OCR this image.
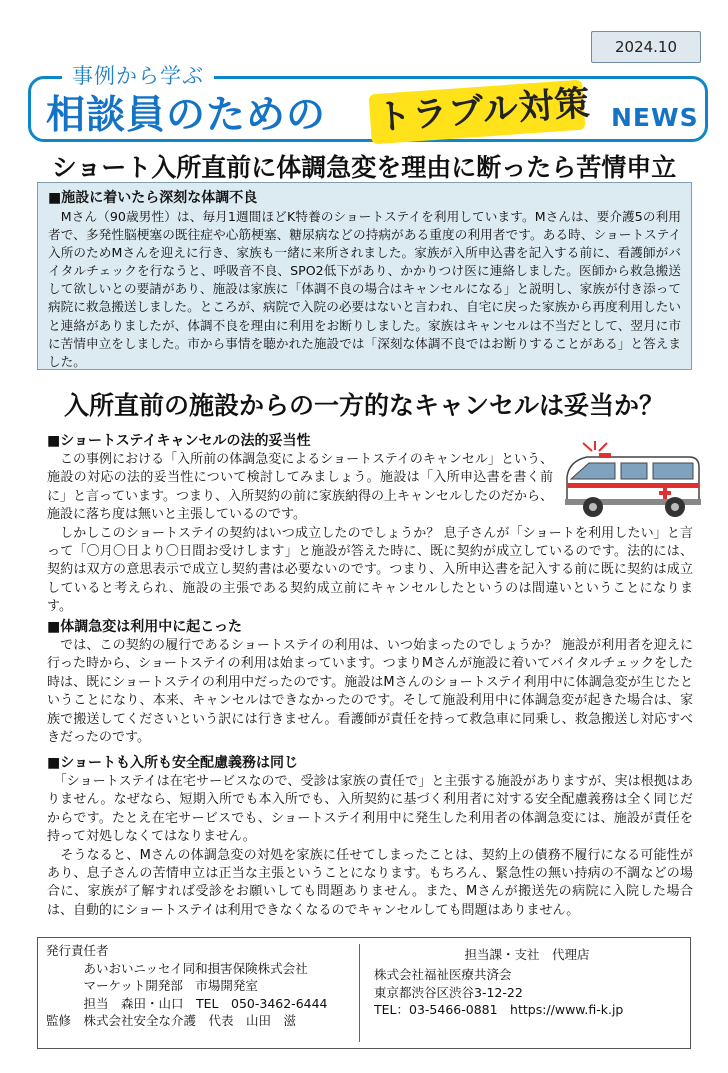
2024.10
事例から学ぶ
相談員のための トラブル対策 NEWS
ショート入所直前に体調急変を理由に断ったら苦情申立
■施設に着いたら深刻な体調不良

　Mさん（90歳男性）は、毎月1週間ほどK特養のショートステイを利用しています。Mさんは、要介護5の利用者で、多発性脳梗塞の既往症や心筋梗塞、糖尿病などの持病がある重度の利用者です。ある時、ショートステイ入所のためMさんを迎えに行き、家族も一緒に来所されました。家族が入所申込書を記入する前に、看護師がバイタルチェックを行なうと、呼吸音不良、SPO2低下があり、かかりつけ医に連絡しました。医師から救急搬送して欲しいとの要請があり、施設は家族に「体調不良の場合はキャンセルになる」と説明し、家族が付き添って病院に救急搬送しました。ところが、病院で入院の必要はないと言われ、自宅に戻った家族から再度利用したいと連絡がありましたが、体調不良を理由に利用をお断りしました。家族はキャンセルは不当だとして、翌月に市に苦情申立をしました。市から事情を聴かれた施設では「深刻な体調不良ではお断りすることがある」と答えました。

入所直前の施設からの一方的なキャンセルは妥当か？
■ショートステイキャンセルの法的妥当性

　この事例における「入所前の体調急変によるショートステイのキャンセル」という、施設の対応の法的妥当性について検討してみましょう。施設は「入所申込書を書く前に」と言っています。つまり、入所契約の前に家族納得の上キャンセルしたのだから、施設に落ち度は無いと主張しているのです。

　しかしこのショートステイの契約はいつ成立したのでしょうか？ 息子さんが「ショートを利用したい」と言って「〇月〇日より〇日間お受けします」と施設が答えた時に、既に契約が成立しているのです。法的には、契約は双方の意思表示で成立し契約書は必要ないのです。つまり、入所申込書を記入する前に既に契約は成立していると考えられ、施設の主張である契約成立前にキャンセルしたというのは間違いということになります。

■体調急変は利用中に起こった

　では、この契約の履行であるショートステイの利用は、いつ始まったのでしょうか？ 施設が利用者を迎えに行った時から、ショートステイの利用は始まっています。つまりMさんが施設に着いてバイタルチェックをした時は、既にショートステイの利用中だったのです。施設はMさんのショートステイ利用中に体調急変が生じたということになり、本来、キャンセルはできなかったのです。そして施設利用中に体調急変が起きた場合は、家族で搬送してくださいという訳には行きません。看護師が責任を持って救急車に同乗し、救急搬送し対応すべきだったのです。

■ショートも入所も安全配慮義務は同じ

　「ショートステイは在宅サービスなので、受診は家族の責任で」と主張する施設がありますが、実は根拠はありません。なぜなら、短期入所でも本入所でも、入所契約に基づく利用者に対する安全配慮義務は全く同じだからです。たとえ在宅サービスでも、ショートステイ利用中に発生した利用者の体調急変には、施設が責任を持って対処しなくてはなりません。

　そうなると、Mさんの体調急変の対処を家族に任せてしまったことは、契約上の債務不履行になる可能性があり、息子さんの苦情申立は正当な主張ということになります。もちろん、緊急性の無い持病の不調などの場合に、家族が了解すれば受診をお願いしても問題ありません。また、Mさんが搬送先の病院に入院した場合は、自動的にショートステイは利用できなくなるのでキャンセルしても問題はありません。

発行責任者
　　　あいおいニッセイ同和損害保険株式会社
　　　マーケット開発部　市場開発室
　　　担当　森田・山口　TEL　050-3462-6444
監修　株式会社安全な介護　代表　山田　滋
担当課・支社　代理店
株式会社福祉医療共済会
東京都渋谷区渋谷3-12-22
TEL：03-5466-0881　https://www.fi-k.jp
